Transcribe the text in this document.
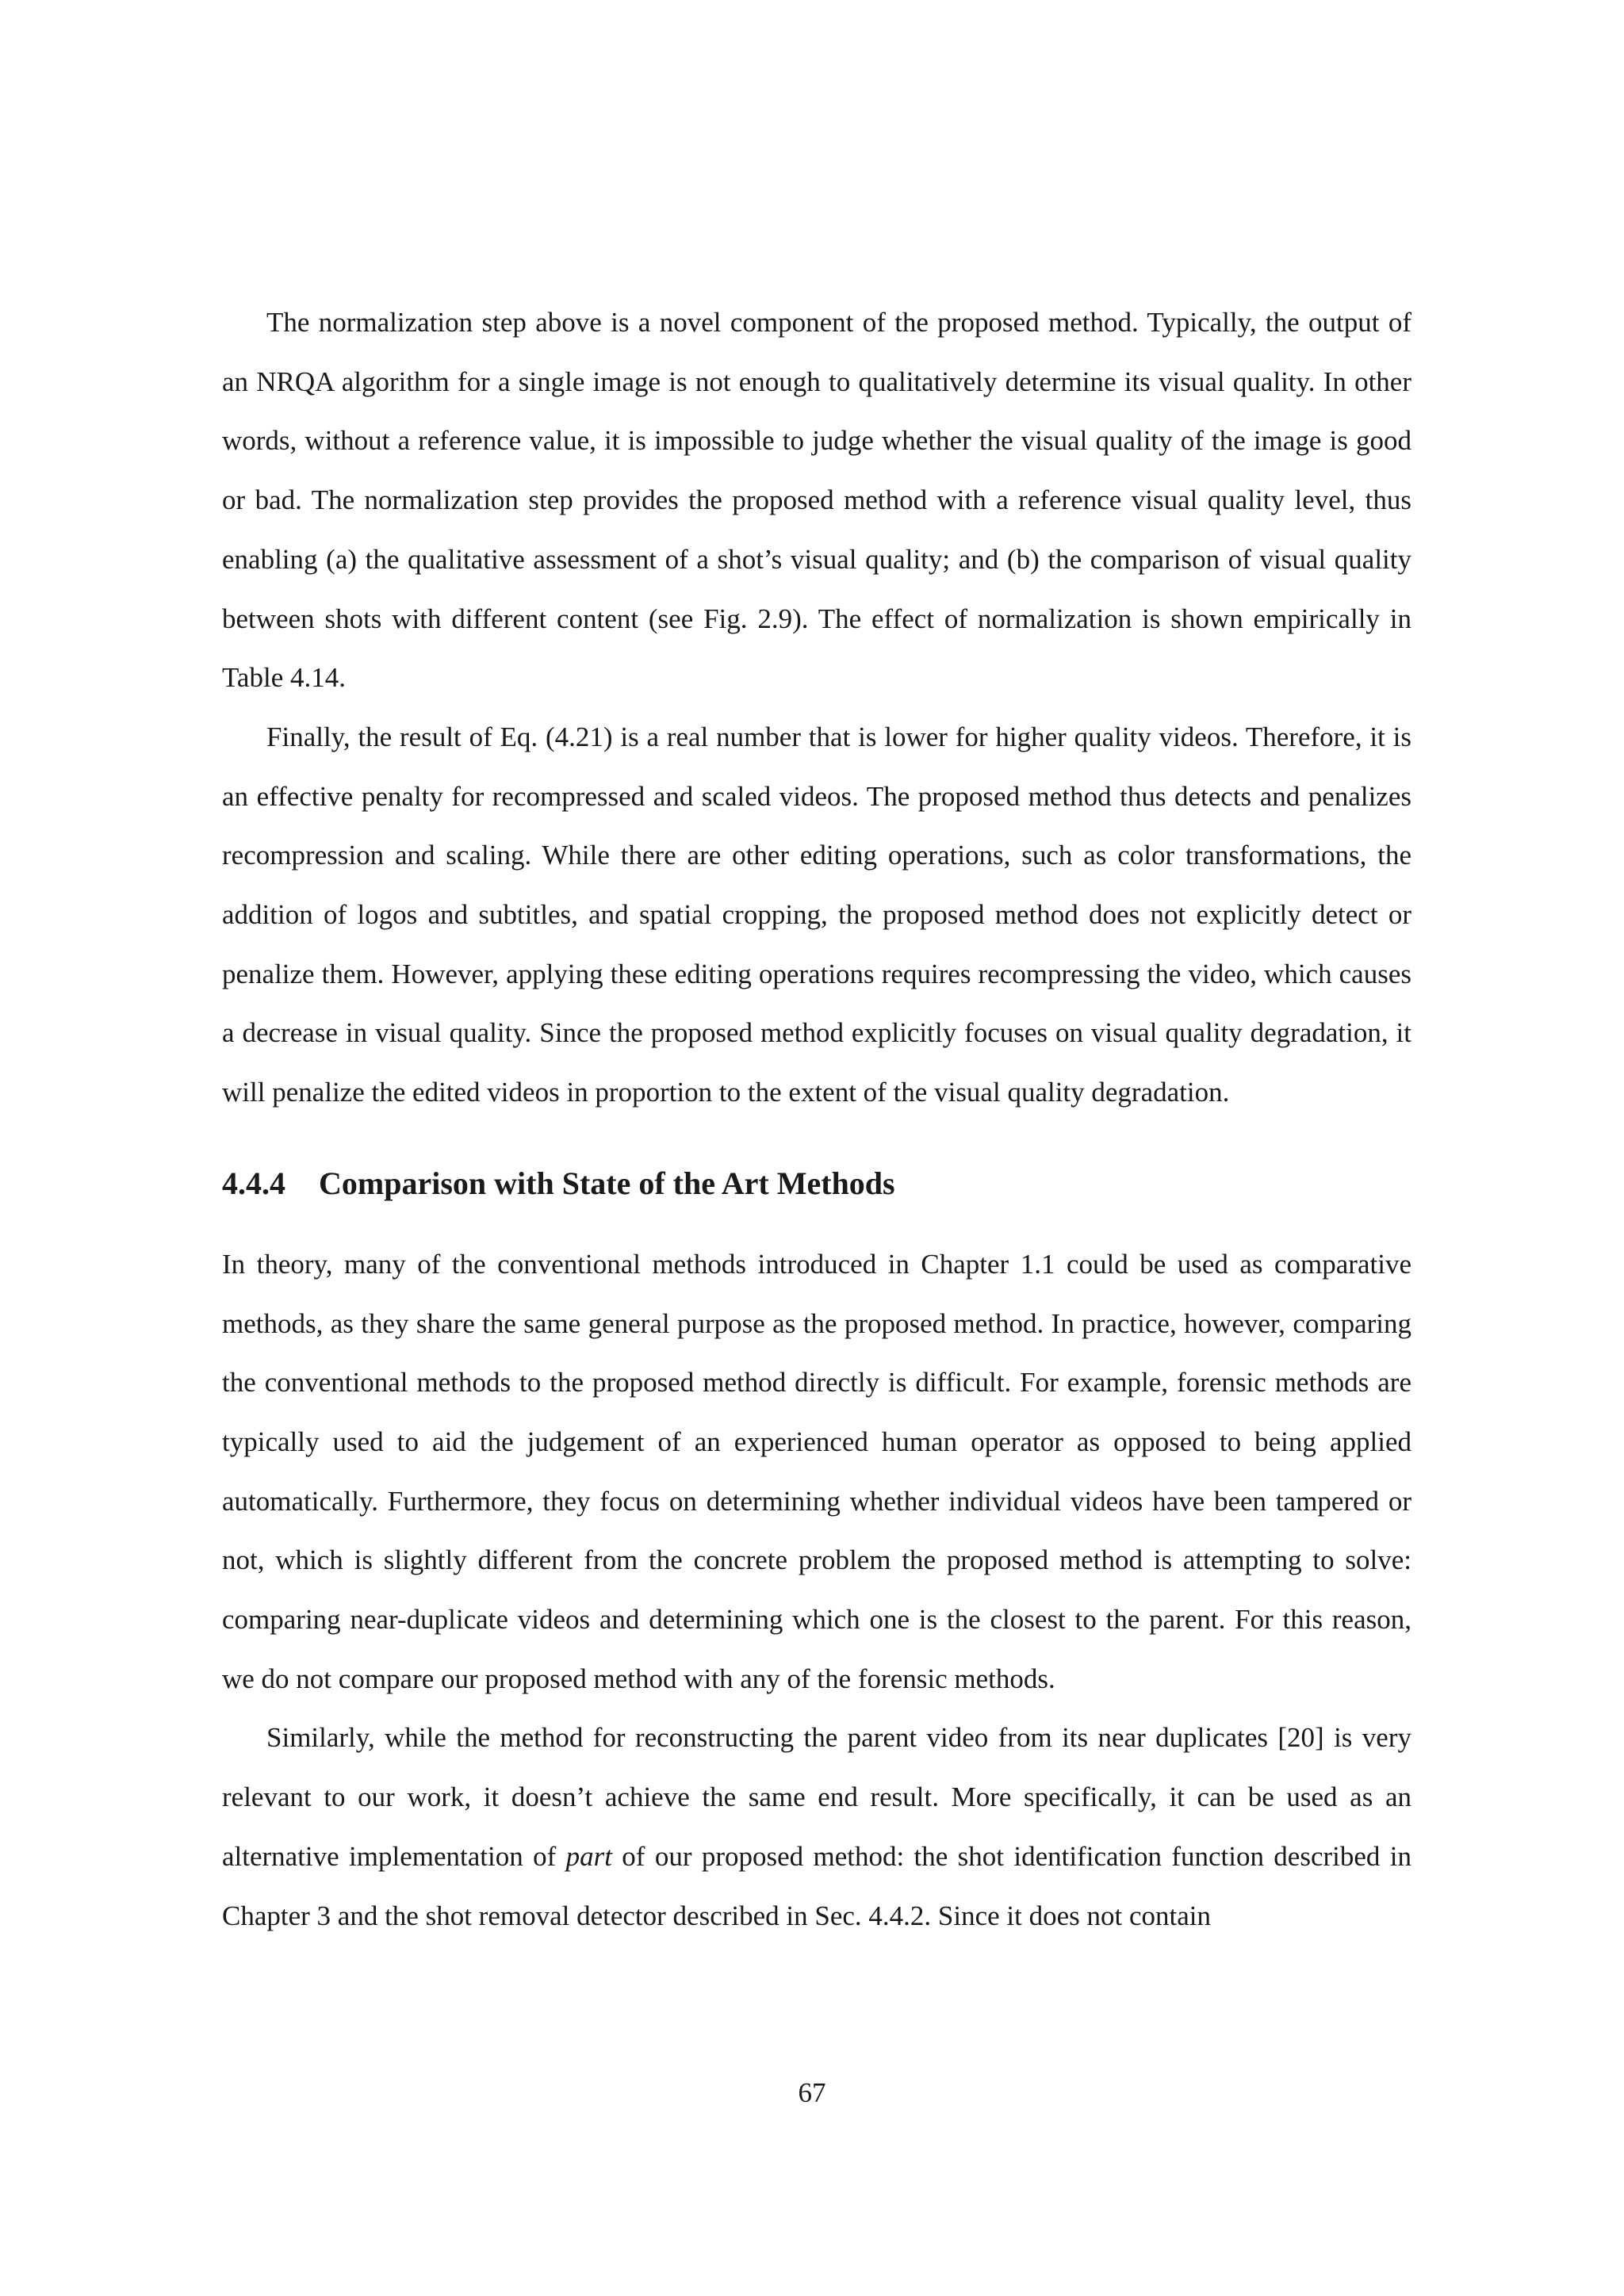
The normalization step above is a novel component of the proposed method. Typically, the output of an NRQA algorithm for a single image is not enough to qualitatively determine its visual quality. In other words, without a reference value, it is impossible to judge whether the visual quality of the image is good or bad. The normalization step provides the proposed method with a reference visual quality level, thus enabling (a) the qualitative assessment of a shot’s visual quality; and (b) the comparison of visual quality between shots with different content (see Fig. 2.9). The effect of normalization is shown empirically in Table 4.14.

Finally, the result of Eq. (4.21) is a real number that is lower for higher quality videos. Therefore, it is an effective penalty for recompressed and scaled videos. The proposed method thus detects and penalizes recompression and scaling. While there are other editing operations, such as color transformations, the addition of logos and subtitles, and spatial cropping, the proposed method does not explicitly detect or penalize them. However, applying these editing operations requires recompressing the video, which causes a decrease in visual quality. Since the proposed method explicitly focuses on visual quality degradation, it will penalize the edited videos in proportion to the extent of the visual quality degradation.

4.4.4 Comparison with State of the Art Methods

In theory, many of the conventional methods introduced in Chapter 1.1 could be used as comparative methods, as they share the same general purpose as the proposed method. In practice, however, comparing the conventional methods to the proposed method directly is difficult. For example, forensic methods are typically used to aid the judgement of an experienced human operator as opposed to being applied automatically. Furthermore, they focus on determining whether individual videos have been tampered or not, which is slightly different from the concrete problem the proposed method is attempting to solve: comparing near-duplicate videos and determining which one is the closest to the parent. For this reason, we do not compare our proposed method with any of the forensic methods.

Similarly, while the method for reconstructing the parent video from its near duplicates [20] is very relevant to our work, it doesn’t achieve the same end result. More specifically, it can be used as an alternative implementation of part of our proposed method: the shot identification function described in Chapter 3 and the shot removal detector described in Sec. 4.4.2. Since it does not contain

67
